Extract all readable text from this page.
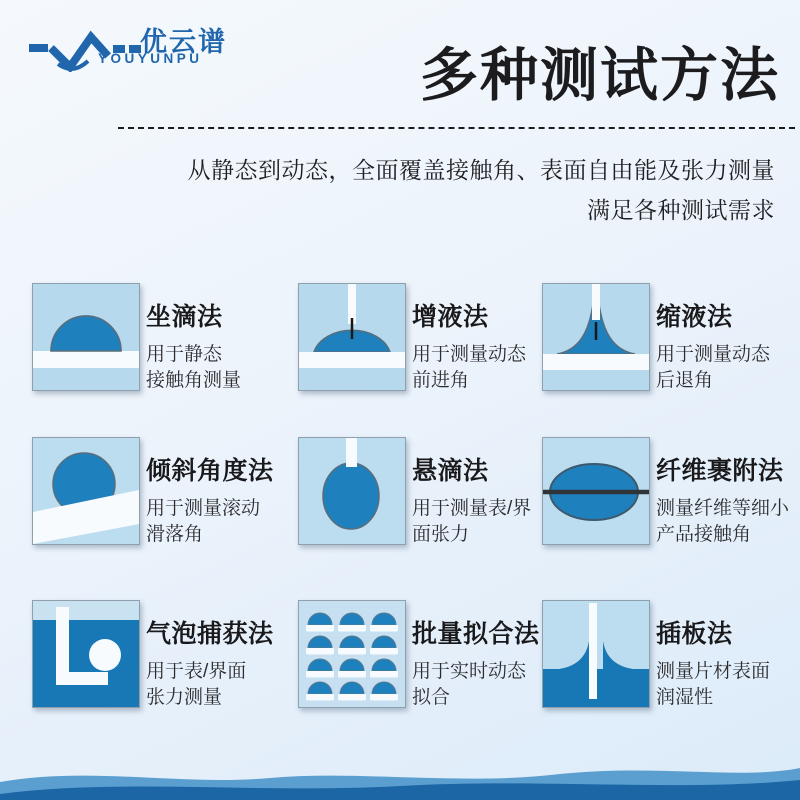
优云谱
YOUYUNPU	多种测试方法
从静态到动态，全面覆盖接触角、表面自由能及张力测量
满足各种测试需求
坐滴法
用于静态
接触角测量
增液法
用于测量动态
前进角
缩液法
用于测量动态
后退角
倾斜角度法
用于测量滚动
滑落角
悬滴法
用于测量表/界
面张力
纤维裹附法
测量纤维等细小
产品接触角
气泡捕获法
用于表/界面
张力测量
批量拟合法
用于实时动态
拟合
插板法
测量片材表面
润湿性
